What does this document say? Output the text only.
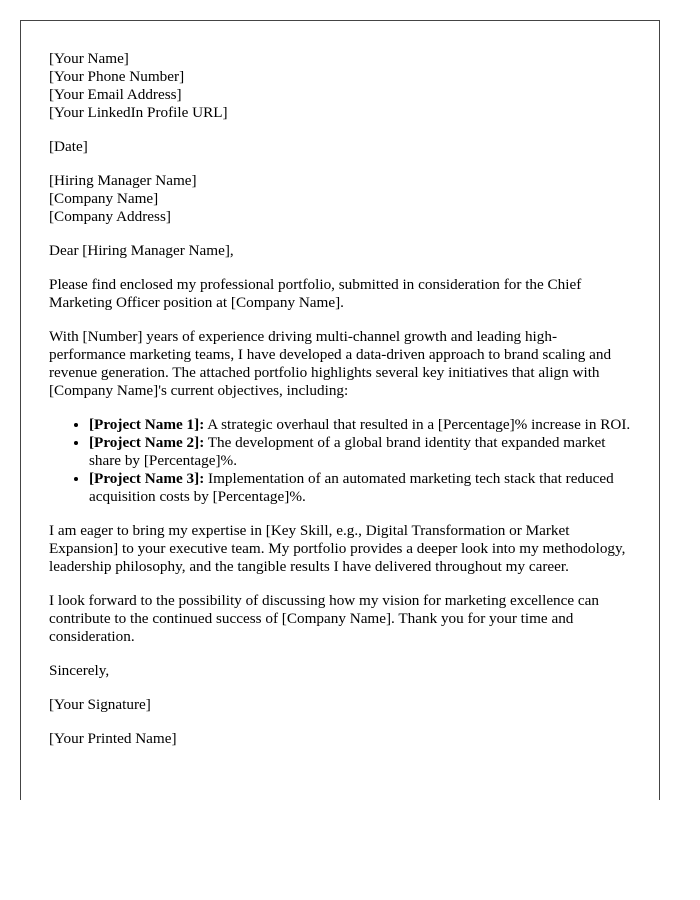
[Your Name]
[Your Phone Number]
[Your Email Address]
[Your LinkedIn Profile URL]
[Date]
[Hiring Manager Name]
[Company Name]
[Company Address]

Dear [Hiring Manager Name],

Please find enclosed my professional portfolio, submitted in consideration for the Chief Marketing Officer position at [Company Name].

With [Number] years of experience driving multi-channel growth and leading high-performance marketing teams, I have developed a data-driven approach to brand scaling and revenue generation. The attached portfolio highlights several key initiatives that align with [Company Name]'s current objectives, including:

• [Project Name 1]: A strategic overhaul that resulted in a [Percentage]% increase in ROI.
• [Project Name 2]: The development of a global brand identity that expanded market share by [Percentage]%.
• [Project Name 3]: Implementation of an automated marketing tech stack that reduced acquisition costs by [Percentage]%.

I am eager to bring my expertise in [Key Skill, e.g., Digital Transformation or Market Expansion] to your executive team. My portfolio provides a deeper look into my methodology, leadership philosophy, and the tangible results I have delivered throughout my career.

I look forward to the possibility of discussing how my vision for marketing excellence can contribute to the continued success of [Company Name]. Thank you for your time and consideration.

Sincerely,

[Your Signature]

[Your Printed Name]
